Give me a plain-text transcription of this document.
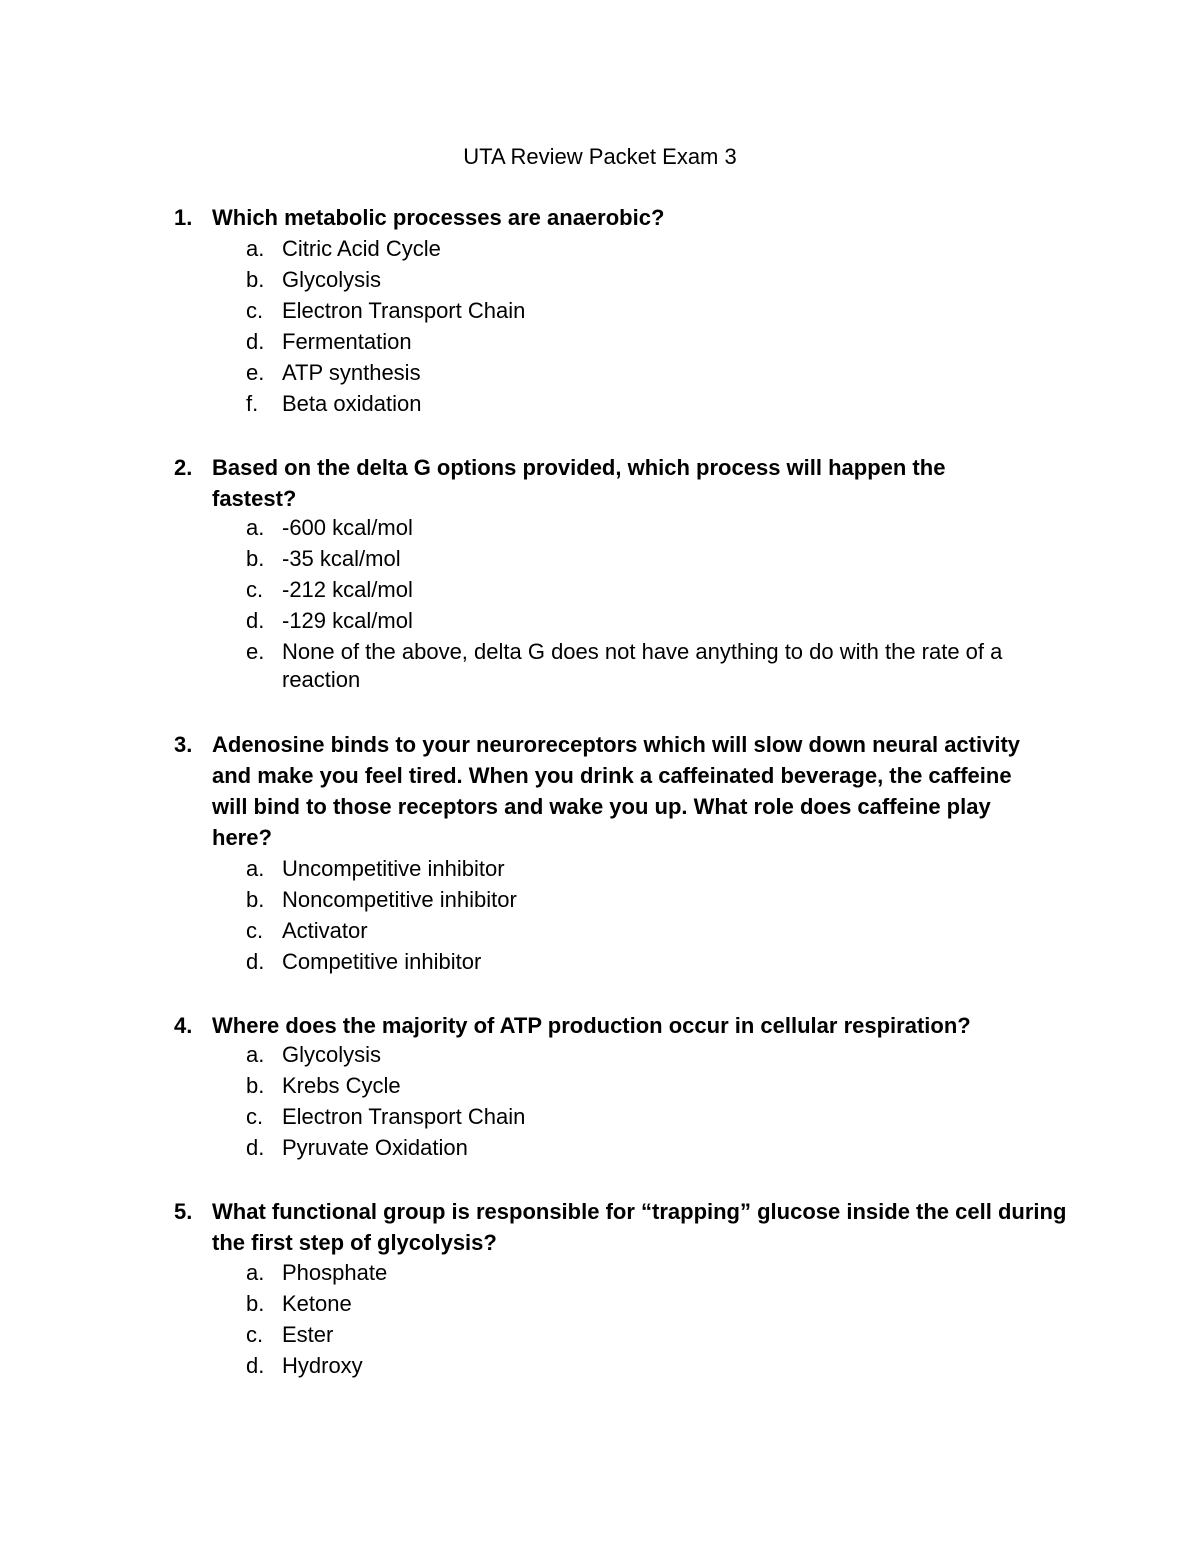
UTA Review Packet Exam 3
1. Which metabolic processes are anaerobic?

a. Citric Acid Cycle
b. Glycolysis
c. Electron Transport Chain
d. Fermentation
e. ATP synthesis
f. Beta oxidation
2. Based on the delta G options provided, which process will happen the fastest?

a. -600 kcal/mol
b. -35 kcal/mol
c. -212 kcal/mol
d. -129 kcal/mol
e. None of the above, delta G does not have anything to do with the rate of a reaction
3. Adenosine binds to your neuroreceptors which will slow down neural activity and make you feel tired. When you drink a caffeinated beverage, the caffeine will bind to those receptors and wake you up. What role does caffeine play here?

a. Uncompetitive inhibitor
b. Noncompetitive inhibitor
c. Activator
d. Competitive inhibitor
4. Where does the majority of ATP production occur in cellular respiration?

a. Glycolysis
b. Krebs Cycle
c. Electron Transport Chain
d. Pyruvate Oxidation
5. What functional group is responsible for “trapping” glucose inside the cell during the first step of glycolysis?

a. Phosphate
b. Ketone
c. Ester
d. Hydroxy
